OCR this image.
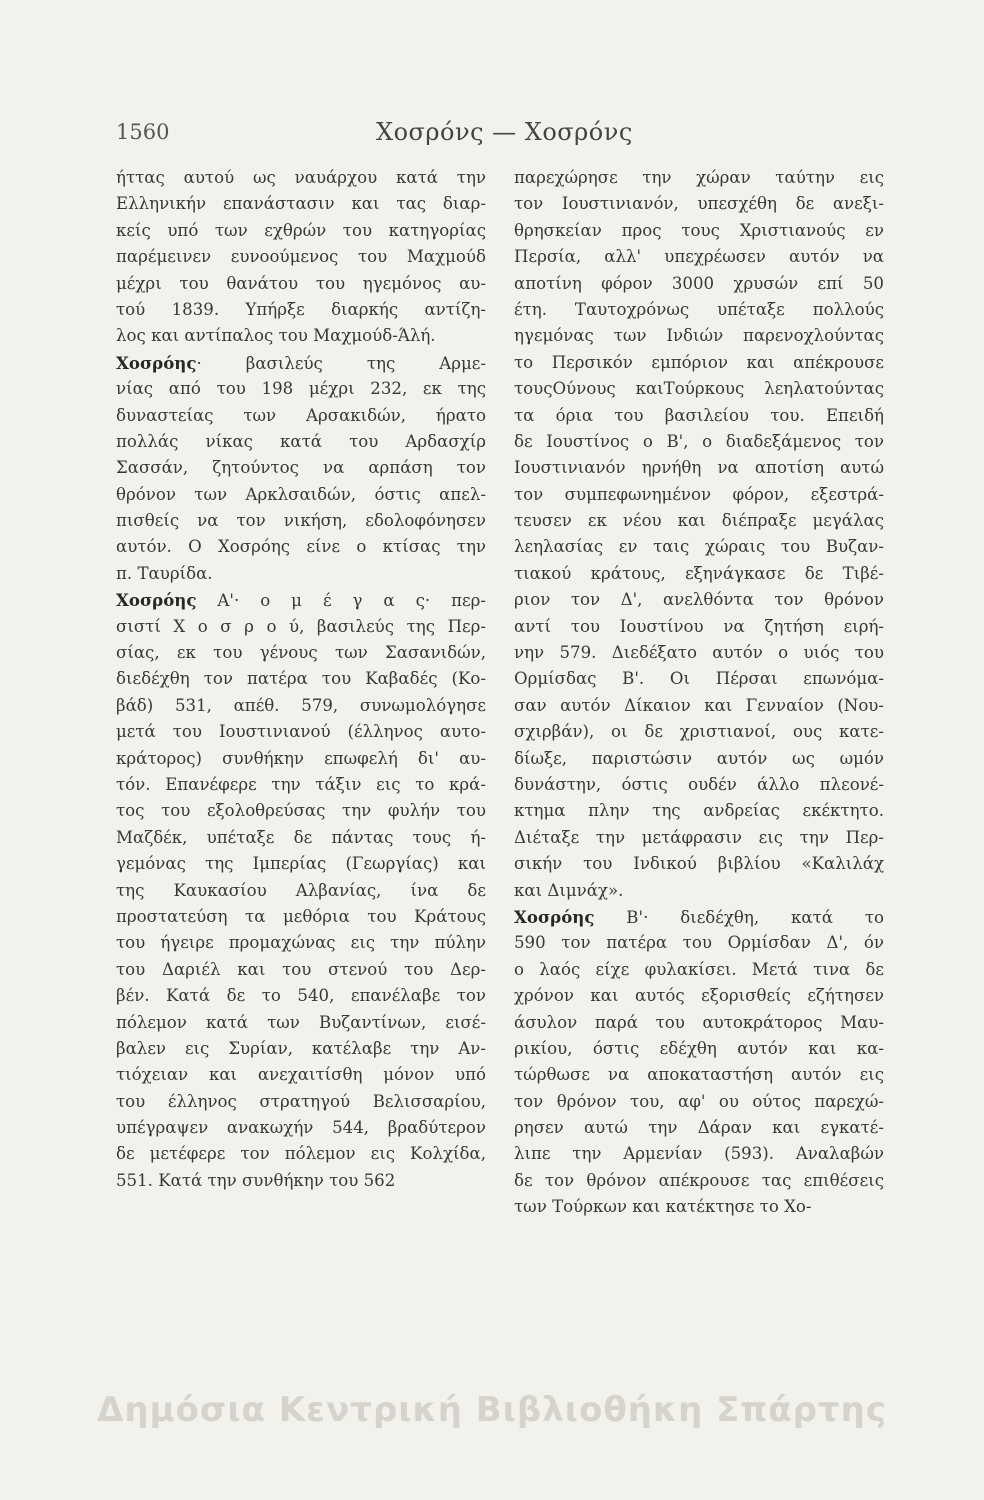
1560	Χοσρόνς — Χοσρόνς
ήττας αυτού ως ναυάρχου κατά την
Ελληνικήν επανάστασιν και τας διαρ-
κείς υπό των εχθρών του κατηγορίας
παρέμεινεν ευνοούμενος του Μαχμούδ
μέχρι του θανάτου του ηγεμόνος αυ-
τού 1839. Υπήρξε διαρκής αντίζη-
λος και αντίπαλος του Μαχμούδ-Άλή.
Χοσρόης· βασιλεύς της Αρμε-
νίας από του 198 μέχρι 232, εκ της
δυναστείας των Αρσακιδών, ήρατο
πολλάς νίκας κατά του Αρδασχίρ
Σασσάν, ζητούντος να αρπάση τον
θρόνον των Αρκλσαιδών, όστις απελ-
πισθείς να τον νικήση, εδολοφόνησεν
αυτόν. Ο Χοσρόης είνε ο κτίσας την
π. Ταυρίδα.
Χοσρόης Α'· ο μ έ γ α ς· περ-
σιστί Χ ο σ ρ ο ύ, βασιλεύς της Περ-
σίας, εκ του γένους των Σασανιδών,
διεδέχθη τον πατέρα του Καβαδές (Κο-
βάδ) 531, απέθ. 579, συνωμολόγησε
μετά του Ιουστινιανού (έλληνος αυτο-
κράτορος) συνθήκην επωφελή δι' αυ-
τόν. Επανέφερε την τάξιν εις το κρά-
τος του εξολοθρεύσας την φυλήν του
Μαζδέκ, υπέταξε δε πάντας τους ή-
γεμόνας της Ιμπερίας (Γεωργίας) και
της Καυκασίου Αλβανίας, ίνα δε
προστατεύση τα μεθόρια του Κράτους
του ήγειρε προμαχώνας εις την πύλην
του Δαριέλ και του στενού του Δερ-
βέν. Κατά δε το 540, επανέλαβε τον
πόλεμον κατά των Βυζαντίνων, εισέ-
βαλεν εις Συρίαν, κατέλαβε την Αν-
τιόχειαν και ανεχαιτίσθη μόνον υπό
του έλληνος στρατηγού Βελισσαρίου,
υπέγραψεν ανακωχήν 544, βραδύτερον
δε μετέφερε τον πόλεμον εις Κολχίδα,
551. Κατά την συνθήκην του 562
παρεχώρησε την χώραν ταύτην εις
τον Ιουστινιανόν, υπεσχέθη δε ανεξι-
θρησκείαν προς τους Χριστιανούς εν
Περσία, αλλ' υπεχρέωσεν αυτόν να
αποτίνη φόρον 3000 χρυσών επί 50
έτη. Ταυτοχρόνως υπέταξε πολλούς
ηγεμόνας των Ινδιών παρενοχλούντας
το Περσικόν εμπόριον και απέκρουσε
τουςΟύνους καιΤούρκους λεηλατούντας
τα όρια του βασιλείου του. Επειδή
δε Ιουστίνος ο Β', ο διαδεξάμενος τον
Ιουστινιανόν ηρνήθη να αποτίση αυτώ
τον συμπεφωνημένον φόρον, εξεστρά-
τευσεν εκ νέου και διέπραξε μεγάλας
λεηλασίας εν ταις χώραις του Βυζαν-
τιακού κράτους, εξηνάγκασε δε Τιβέ-
ριον τον Δ', ανελθόντα τον θρόνον
αντί του Ιουστίνου να ζητήση ειρή-
νην 579. Διεδέξατο αυτόν ο υιός του
Ορμίσδας Β'. Οι Πέρσαι επωνόμα-
σαν αυτόν Δίκαιον και Γενναίον (Νου-
σχιρβάν), οι δε χριστιανοί, ους κατε-
δίωξε, παριστώσιν αυτόν ως ωμόν
δυνάστην, όστις ουδέν άλλο πλεονέ-
κτημα πλην της ανδρείας εκέκτητο.
Διέταξε την μετάφρασιν εις την Περ-
σικήν του Ινδικού βιβλίου «Καλιλάχ
και Διμνάχ».
Χοσρόης Β'· διεδέχθη, κατά το
590 τον πατέρα του Ορμίσδαν Δ', όν
ο λαός είχε φυλακίσει. Μετά τινα δε
χρόνον και αυτός εξορισθείς εζήτησεν
άσυλον παρά του αυτοκράτορος Μαυ-
ρικίου, όστις εδέχθη αυτόν και κα-
τώρθωσε να αποκαταστήση αυτόν εις
τον θρόνον του, αφ' ου ούτος παρεχώ-
ρησεν αυτώ την Δάραν και εγκατέ-
λιπε την Αρμενίαν (593). Αναλαβών
δε τον θρόνον απέκρουσε τας επιθέσεις
των Τούρκων και κατέκτησε το Χο-
Δημόσια Κεντρική Βιβλιοθήκη Σπάρτης
